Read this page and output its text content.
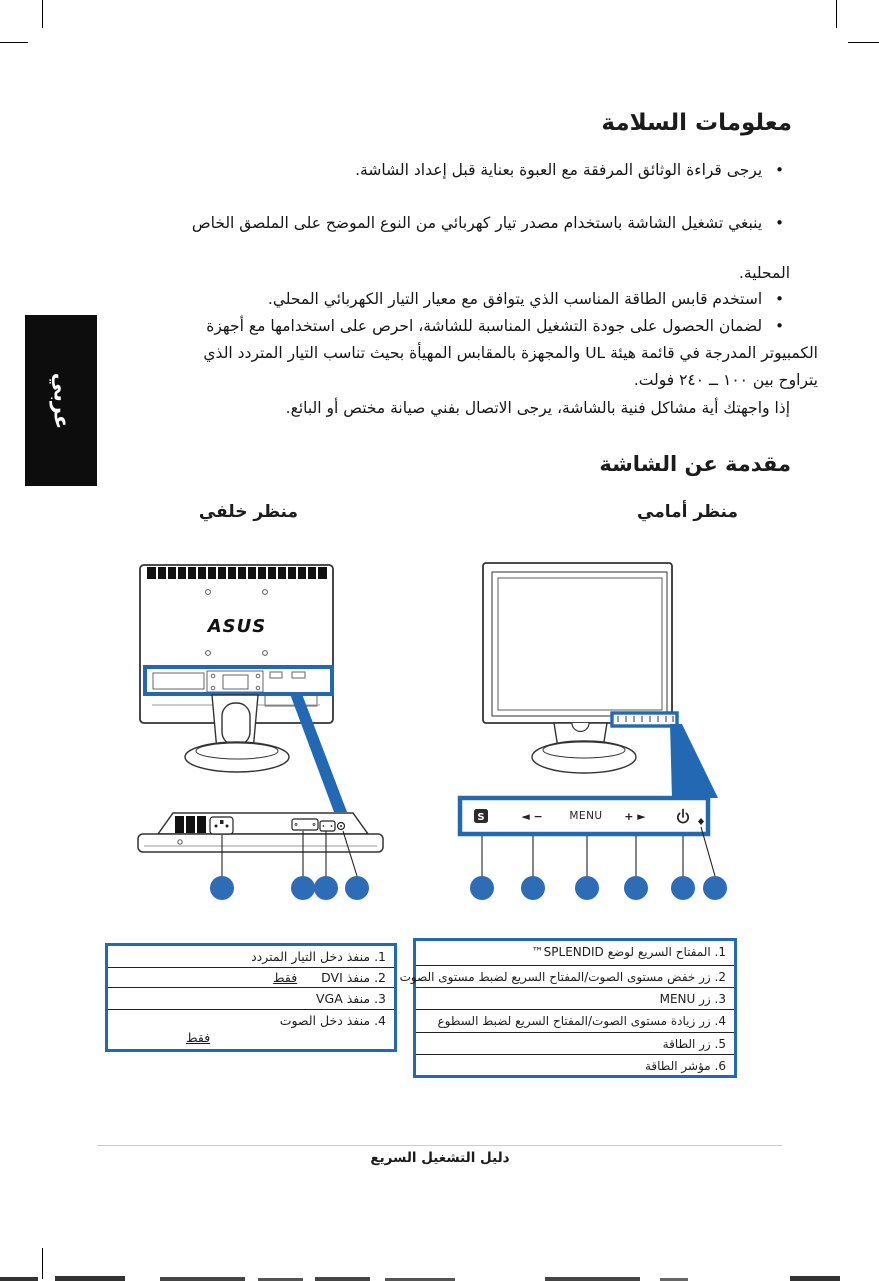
معلومات السلامة
•
يرجى قراءة الوثائق المرفقة مع العبوة بعناية قبل إعداد الشاشة.
•
ينبغي تشغيل الشاشة باستخدام مصدر تيار كهربائي من النوع الموضح على الملصق الخاص
المحلية.
•
استخدم قابس الطاقة المناسب الذي يتوافق مع معيار التيار الكهربائي المحلي.
•
لضمان الحصول على جودة التشغيل المناسبة للشاشة، احرص على استخدامها مع أجهزة
الكمبيوتر المدرجة في قائمة هيئة UL والمجهزة بالمقابس المهيأة بحيث تناسب التيار المتردد الذي
يتراوح بين ١٠٠ ــ ٢٤٠ فولت.
إذا واجهتك أية مشاكل فنية بالشاشة، يرجى الاتصال بفني صيانة مختص أو البائع.
عربي
مقدمة عن الشاشة
منظر أمامي
منظر خلفي
ASUS
S	◄ −	MENU + ►
1. منفذ دخل التيار المتردد
2. منفذ DVI
فقط
3. منفذ VGA
4. منفذ دخل الصوت
فقط
1. المفتاح السريع لوضع SPLENDID™
2. زر خفض مستوى الصوت/المفتاح السريع لضبط مستوى الصوت
3. زر MENU
4. زر زيادة مستوى الصوت/المفتاح السريع لضبط السطوع
5. زر الطاقة
6. مؤشر الطاقة
دليل التشغيل السريع
